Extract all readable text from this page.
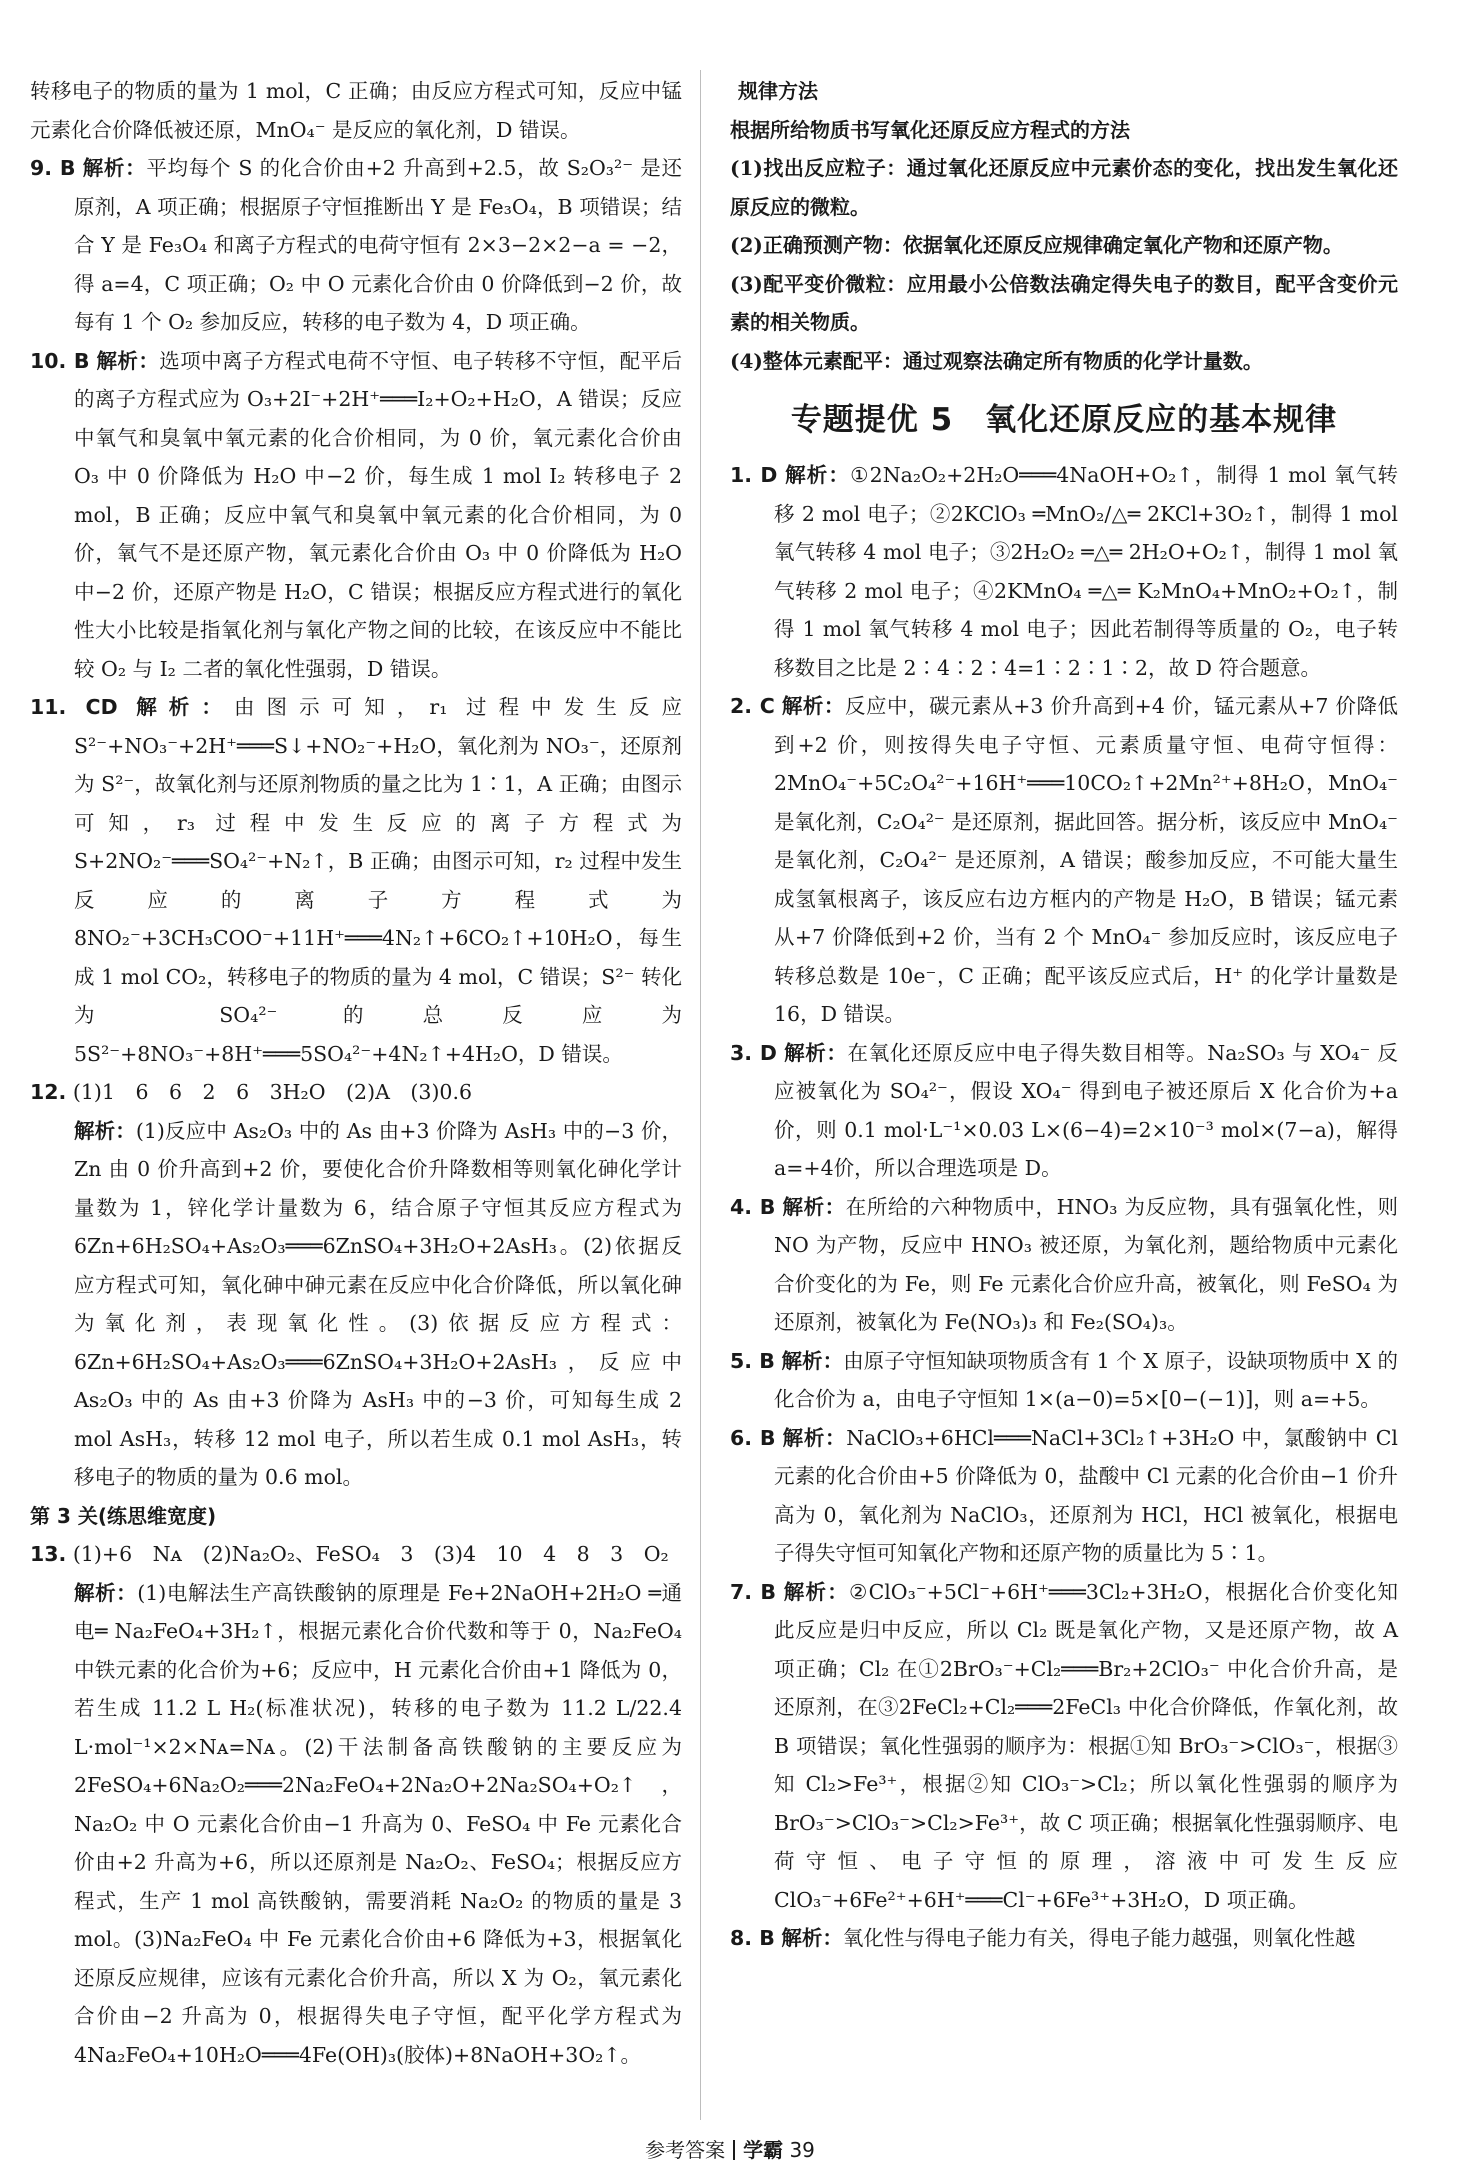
转移电子的物质的量为 1 mol，C 正确；由反应方程式可知，反应中锰元素化合价降低被还原，MnO₄⁻ 是反应的氧化剂，D 错误。

9. B 解析：平均每个 S 的化合价由+2 升高到+2.5，故 S₂O₃²⁻ 是还原剂，A 项正确；根据原子守恒推断出 Y 是 Fe₃O₄，B 项错误；结合 Y 是 Fe₃O₄ 和离子方程式的电荷守恒有 2×3−2×2−a = −2，得 a=4，C 项正确；O₂ 中 O 元素化合价由 0 价降低到−2 价，故每有 1 个 O₂ 参加反应，转移的电子数为 4，D 项正确。

10. B 解析：选项中离子方程式电荷不守恒、电子转移不守恒，配平后的离子方程式应为 O₃+2I⁻+2H⁺═══I₂+O₂+H₂O，A 错误；反应中氧气和臭氧中氧元素的化合价相同，为 0 价，氧元素化合价由 O₃ 中 0 价降低为 H₂O 中−2 价，每生成 1 mol I₂ 转移电子 2 mol，B 正确；反应中氧气和臭氧中氧元素的化合价相同，为 0 价，氧气不是还原产物，氧元素化合价由 O₃ 中 0 价降低为 H₂O 中−2 价，还原产物是 H₂O，C 错误；根据反应方程式进行的氧化性大小比较是指氧化剂与氧化产物之间的比较，在该反应中不能比较 O₂ 与 I₂ 二者的氧化性强弱，D 错误。

11. CD 解析：由图示可知，r₁ 过程中发生反应 S²⁻+NO₃⁻+2H⁺═══S↓+NO₂⁻+H₂O，氧化剂为 NO₃⁻，还原剂为 S²⁻，故氧化剂与还原剂物质的量之比为 1∶1，A 正确；由图示可知，r₃ 过程中发生反应的离子方程式为 S+2NO₂⁻═══SO₄²⁻+N₂↑，B 正确；由图示可知，r₂ 过程中发生反应的离子方程式为 8NO₂⁻+3CH₃COO⁻+11H⁺═══4N₂↑+6CO₂↑+10H₂O，每生成 1 mol CO₂，转移电子的物质的量为 4 mol，C 错误；S²⁻ 转化为 SO₄²⁻ 的总反应为 5S²⁻+8NO₃⁻+8H⁺═══5SO₄²⁻+4N₂↑+4H₂O，D 错误。

12. (1)1　6　6　2　6　3H₂O　(2)A　(3)0.6

解析：(1)反应中 As₂O₃ 中的 As 由+3 价降为 AsH₃ 中的−3 价，Zn 由 0 价升高到+2 价，要使化合价升降数相等则氧化砷化学计量数为 1，锌化学计量数为 6，结合原子守恒其反应方程式为 6Zn+6H₂SO₄+As₂O₃═══6ZnSO₄+3H₂O+2AsH₃。(2)依据反应方程式可知，氧化砷中砷元素在反应中化合价降低，所以氧化砷为氧化剂，表现氧化性。(3)依据反应方程式：6Zn+6H₂SO₄+As₂O₃═══6ZnSO₄+3H₂O+2AsH₃，反应中 As₂O₃ 中的 As 由+3 价降为 AsH₃ 中的−3 价，可知每生成 2 mol AsH₃，转移 12 mol 电子，所以若生成 0.1 mol AsH₃，转移电子的物质的量为 0.6 mol。

第 3 关(练思维宽度)

13. (1)+6　Nᴀ　(2)Na₂O₂、FeSO₄　3　(3)4　10　4　8　3　O₂

解析：(1)电解法生产高铁酸钠的原理是 Fe+2NaOH+2H₂O ═通电═ Na₂FeO₄+3H₂↑，根据元素化合价代数和等于 0，Na₂FeO₄ 中铁元素的化合价为+6；反应中，H 元素化合价由+1 降低为 0，若生成 11.2 L H₂(标准状况)，转移的电子数为 11.2 L/22.4 L·mol⁻¹×2×Nᴀ=Nᴀ。(2)干法制备高铁酸钠的主要反应为 2FeSO₄+6Na₂O₂═══2Na₂FeO₄+2Na₂O+2Na₂SO₄+O₂↑，Na₂O₂ 中 O 元素化合价由−1 升高为 0、FeSO₄ 中 Fe 元素化合价由+2 升高为+6，所以还原剂是 Na₂O₂、FeSO₄；根据反应方程式，生产 1 mol 高铁酸钠，需要消耗 Na₂O₂ 的物质的量是 3 mol。(3)Na₂FeO₄ 中 Fe 元素化合价由+6 降低为+3，根据氧化还原反应规律，应该有元素化合价升高，所以 X 为 O₂，氧元素化合价由−2 升高为 0，根据得失电子守恒，配平化学方程式为 4Na₂FeO₄+10H₂O═══4Fe(OH)₃(胶体)+8NaOH+3O₂↑。

规律方法

根据所给物质书写氧化还原反应方程式的方法

(1)找出反应粒子：通过氧化还原反应中元素价态的变化，找出发生氧化还原反应的微粒。

(2)正确预测产物：依据氧化还原反应规律确定氧化产物和还原产物。

(3)配平变价微粒：应用最小公倍数法确定得失电子的数目，配平含变价元素的相关物质。

(4)整体元素配平：通过观察法确定所有物质的化学计量数。

专题提优 5　氧化还原反应的基本规律

1. D 解析：①2Na₂O₂+2H₂O═══4NaOH+O₂↑，制得 1 mol 氧气转移 2 mol 电子；②2KClO₃ ═MnO₂/△═ 2KCl+3O₂↑，制得 1 mol 氧气转移 4 mol 电子；③2H₂O₂ ═△═ 2H₂O+O₂↑，制得 1 mol 氧气转移 2 mol 电子；④2KMnO₄ ═△═ K₂MnO₄+MnO₂+O₂↑，制得 1 mol 氧气转移 4 mol 电子；因此若制得等质量的 O₂，电子转移数目之比是 2∶4∶2∶4=1∶2∶1∶2，故 D 符合题意。

2. C 解析：反应中，碳元素从+3 价升高到+4 价，锰元素从+7 价降低到+2 价，则按得失电子守恒、元素质量守恒、电荷守恒得：2MnO₄⁻+5C₂O₄²⁻+16H⁺═══10CO₂↑+2Mn²⁺+8H₂O，MnO₄⁻ 是氧化剂，C₂O₄²⁻ 是还原剂，据此回答。据分析，该反应中 MnO₄⁻ 是氧化剂，C₂O₄²⁻ 是还原剂，A 错误；酸参加反应，不可能大量生成氢氧根离子，该反应右边方框内的产物是 H₂O，B 错误；锰元素从+7 价降低到+2 价，当有 2 个 MnO₄⁻ 参加反应时，该反应电子转移总数是 10e⁻，C 正确；配平该反应式后，H⁺ 的化学计量数是 16，D 错误。

3. D 解析：在氧化还原反应中电子得失数目相等。Na₂SO₃ 与 XO₄⁻ 反应被氧化为 SO₄²⁻，假设 XO₄⁻ 得到电子被还原后 X 化合价为+a 价，则 0.1 mol·L⁻¹×0.03 L×(6−4)=2×10⁻³ mol×(7−a)，解得 a=+4价，所以合理选项是 D。

4. B 解析：在所给的六种物质中，HNO₃ 为反应物，具有强氧化性，则 NO 为产物，反应中 HNO₃ 被还原，为氧化剂，题给物质中元素化合价变化的为 Fe，则 Fe 元素化合价应升高，被氧化，则 FeSO₄ 为还原剂，被氧化为 Fe(NO₃)₃ 和 Fe₂(SO₄)₃。

5. B 解析：由原子守恒知缺项物质含有 1 个 X 原子，设缺项物质中 X 的化合价为 a，由电子守恒知 1×(a−0)=5×[0−(−1)]，则 a=+5。

6. B 解析：NaClO₃+6HCl═══NaCl+3Cl₂↑+3H₂O 中，氯酸钠中 Cl 元素的化合价由+5 价降低为 0，盐酸中 Cl 元素的化合价由−1 价升高为 0，氧化剂为 NaClO₃，还原剂为 HCl，HCl 被氧化，根据电子得失守恒可知氧化产物和还原产物的质量比为 5∶1。

7. B 解析：②ClO₃⁻+5Cl⁻+6H⁺═══3Cl₂+3H₂O，根据化合价变化知此反应是归中反应，所以 Cl₂ 既是氧化产物，又是还原产物，故 A 项正确；Cl₂ 在①2BrO₃⁻+Cl₂═══Br₂+2ClO₃⁻ 中化合价升高，是还原剂，在③2FeCl₂+Cl₂═══2FeCl₃ 中化合价降低，作氧化剂，故 B 项错误；氧化性强弱的顺序为：根据①知 BrO₃⁻>ClO₃⁻，根据③知 Cl₂>Fe³⁺，根据②知 ClO₃⁻>Cl₂；所以氧化性强弱的顺序为 BrO₃⁻>ClO₃⁻>Cl₂>Fe³⁺，故 C 项正确；根据氧化性强弱顺序、电荷守恒、电子守恒的原理，溶液中可发生反应 ClO₃⁻+6Fe²⁺+6H⁺═══Cl⁻+6Fe³⁺+3H₂O，D 项正确。

8. B 解析：氧化性与得电子能力有关，得电子能力越强，则氧化性越

参考答案 学霸 39
